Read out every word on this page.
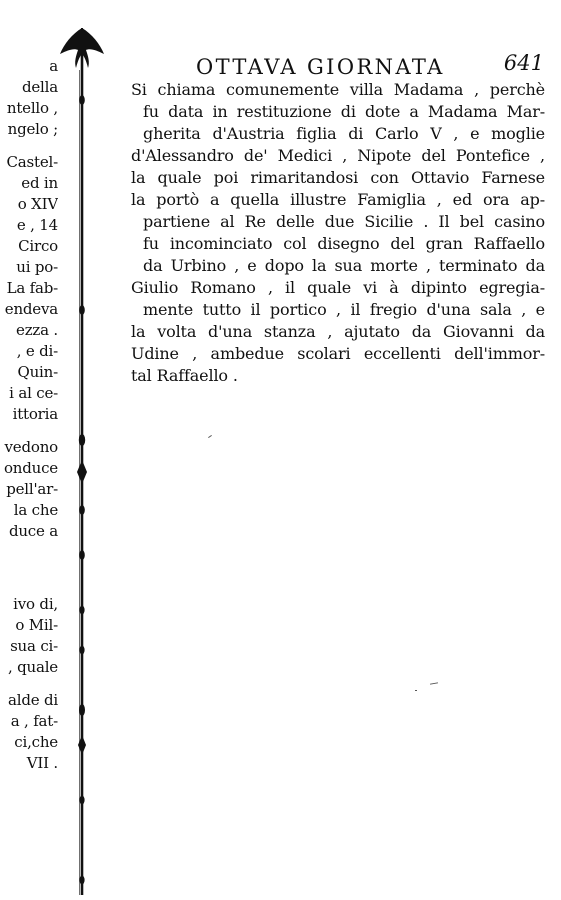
a
della
ntello ,
ngelo ;
Castel-
ed in
o XIV
e , 14
Circo
ui po-
La fab-
endeva
ezza .
, e di-
Quin-
i al ce-
ittoria
vedono
onduce
pell'ar-
la che
duce a
ivo di,
o Mil-
sua ci-
, quale
alde di
a , fat-
ci,che
VII .
OTTAVA GIORNATA	641
Si chiama comunemente villa Madama , perchè
fu data in restituzione di dote a Madama Mar-
gherita d'Austria figlia di Carlo V , e moglie
d'Alessandro de' Medici , Nipote del Pontefice ,
la quale poi rimaritandosi con Ottavio Farnese
la portò a quella illustre Famiglia , ed ora ap-
partiene al Re delle due Sicilie . Il bel casino
fu incominciato col disegno del gran Raffaello
da Urbino , e dopo la sua morte , terminato da
Giulio Romano , il quale vi à dipinto egregia-
mente tutto il portico , il fregio d'una sala , e
la volta d'una stanza , ajutato da Giovanni da
Udine , ambedue scolari eccellenti dell'immor-
tal Raffaello .
